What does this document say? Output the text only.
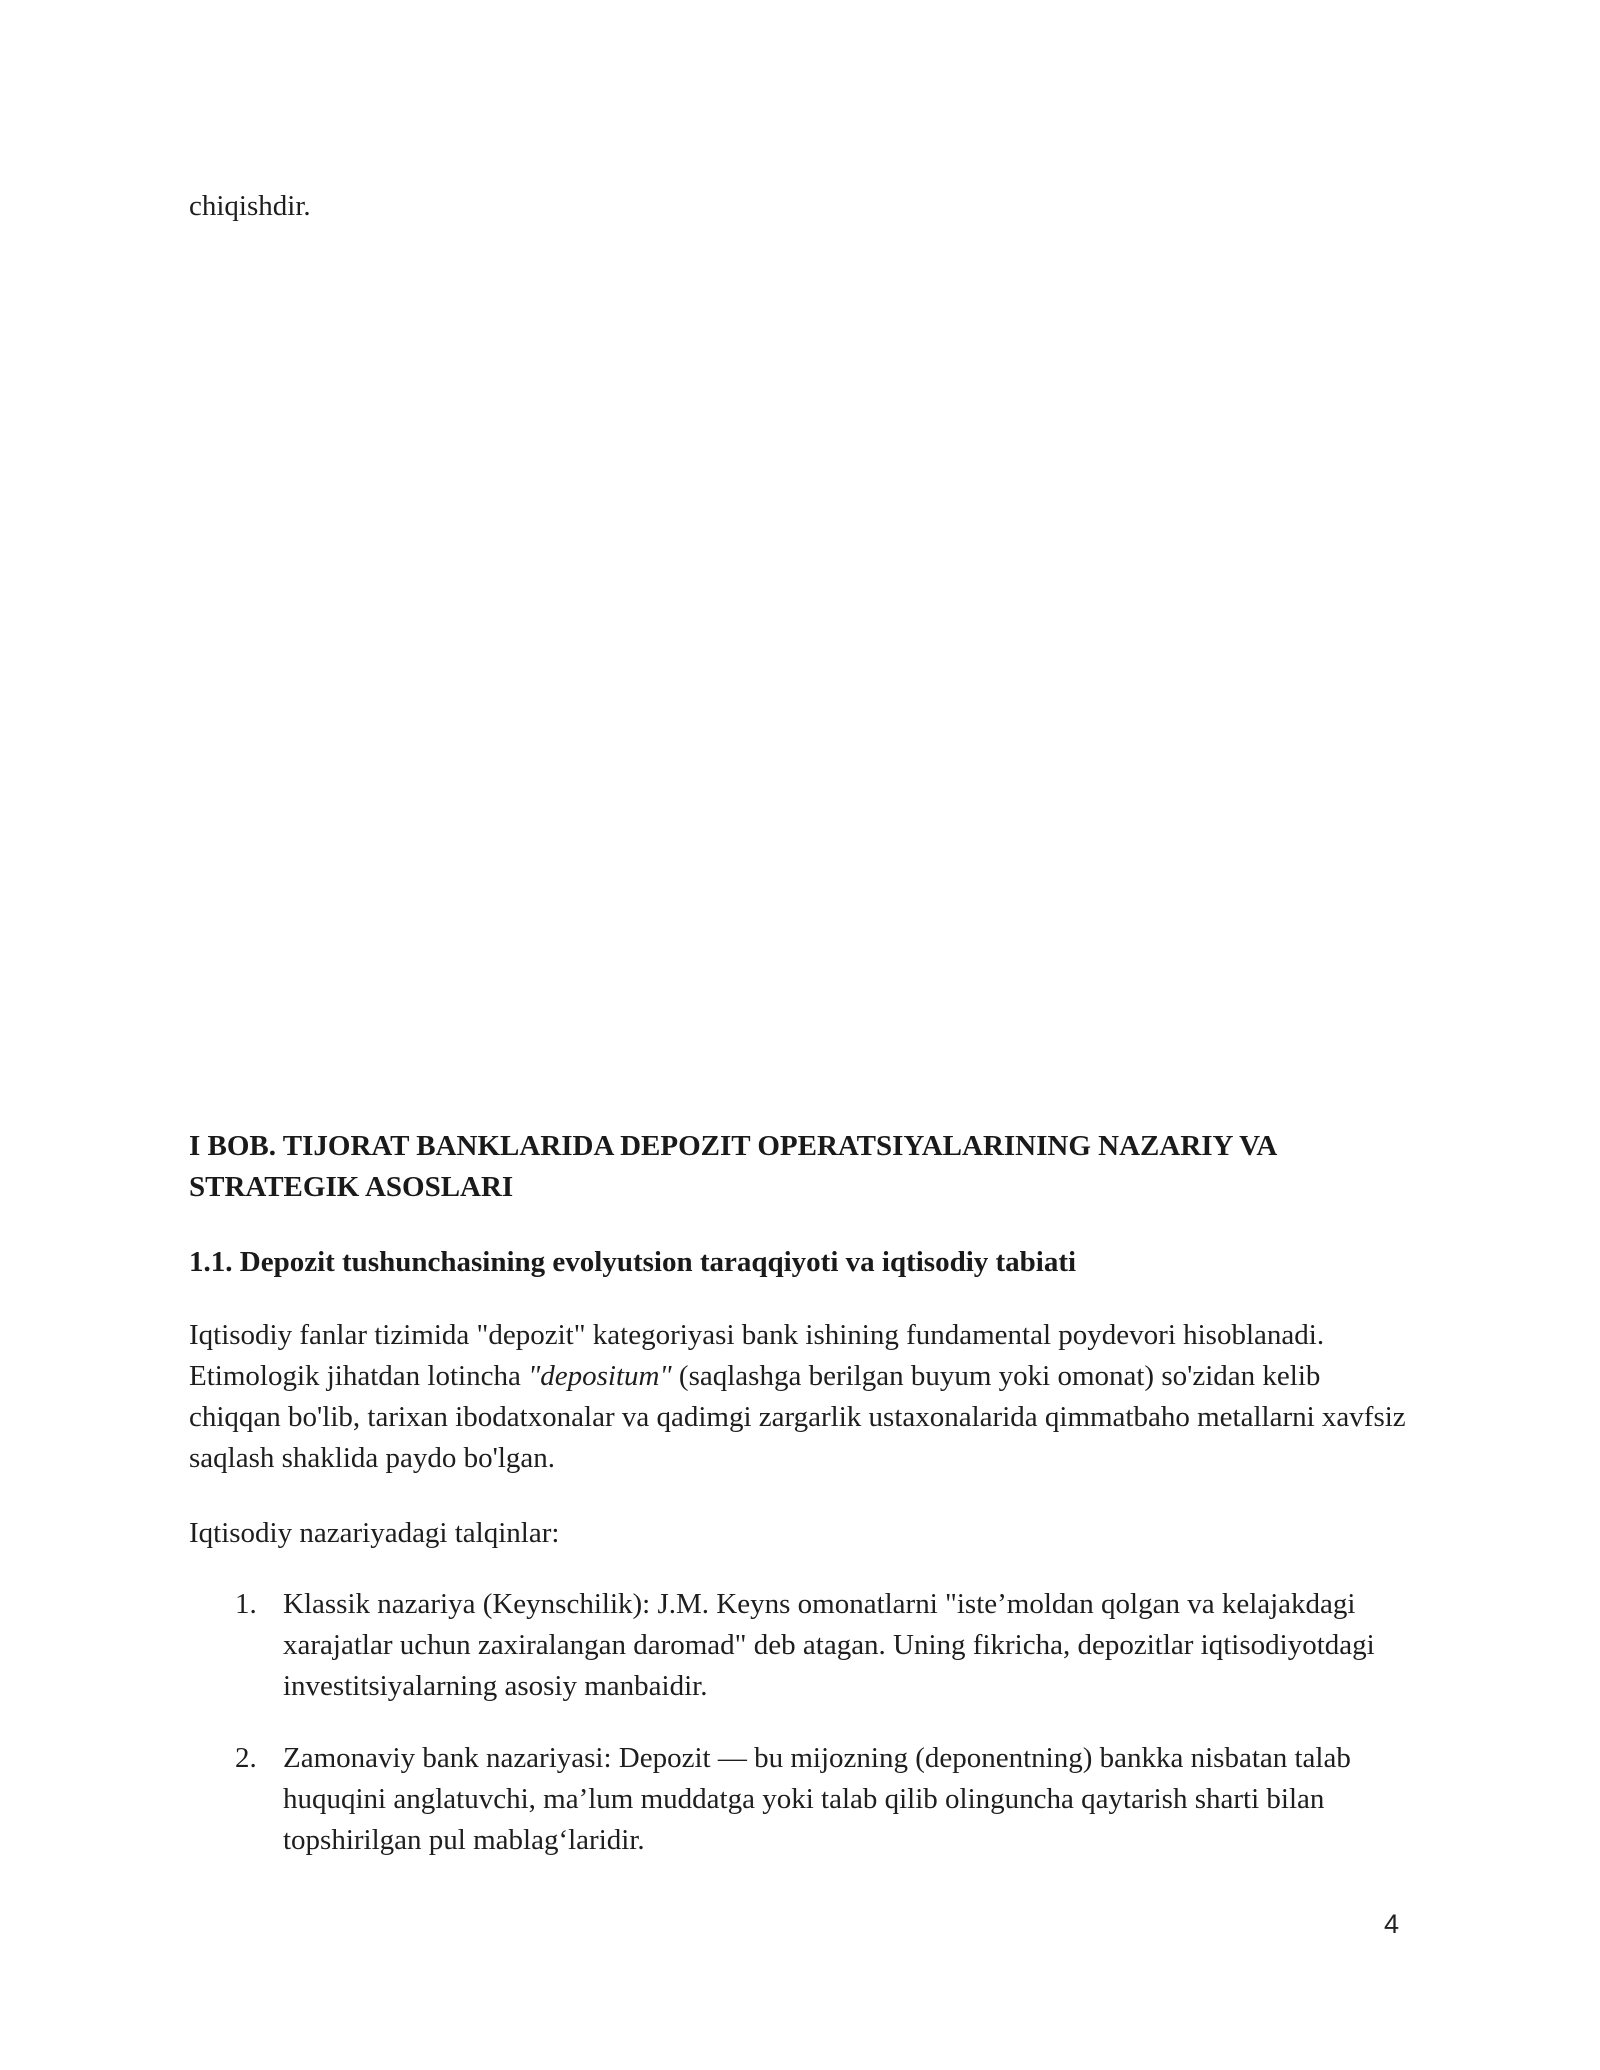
chiqishdir.

I BOB. TIJORAT BANKLARIDA DEPOZIT OPERATSIYALARINING NAZARIY VA STRATEGIK ASOSLARI
1.1. Depozit tushunchasining evolyutsion taraqqiyoti va iqtisodiy tabiati

Iqtisodiy fanlar tizimida "depozit" kategoriyasi bank ishining fundamental poydevori hisoblanadi. Etimologik jihatdan lotincha "depositum" (saqlashga berilgan buyum yoki omonat) so'zidan kelib chiqqan bo'lib, tarixan ibodatxonalar va qadimgi zargarlik ustaxonalarida qimmatbaho metallarni xavfsiz saqlash shaklida paydo bo'lgan.

Iqtisodiy nazariyadagi talqinlar:

1. Klassik nazariya (Keynschilik): J.M. Keyns omonatlarni "iste’moldan qolgan va kelajakdagi xarajatlar uchun zaxiralangan daromad" deb atagan. Uning fikricha, depozitlar iqtisodiyotdagi investitsiyalarning asosiy manbaidir.
2. Zamonaviy bank nazariyasi: Depozit — bu mijozning (deponentning) bankka nisbatan talab huquqini anglatuvchi, ma’lum muddatga yoki talab qilib olinguncha qaytarish sharti bilan topshirilgan pul mablag‘laridir.
4
